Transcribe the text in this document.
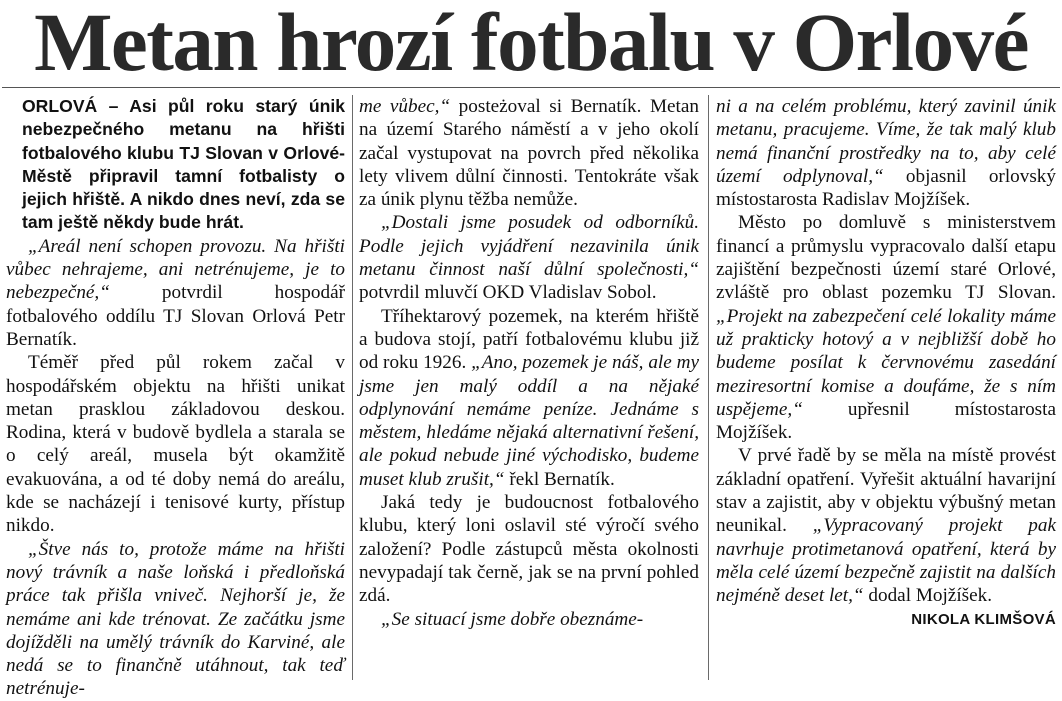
Metan hrozí fotbalu v Orlové

ORLOVÁ – Asi půl roku starý únik nebezpečného metanu na hřišti fotbalového klubu TJ Slovan v Orlové-Městě připravil tamní fotbalisty o jejich hřiště. A nikdo dnes neví, zda se tam ještě někdy bude hrát.

„Areál není schopen provozu. Na hřišti vůbec nehrajeme, ani netrénujeme, je to nebezpečné,“ potvrdil hospodář fotbalového oddílu TJ Slovan Orlová Petr Bernatík.

Téměř před půl rokem začal v hospodářském objektu na hřišti unikat metan prasklou základovou deskou. Rodina, která v budově bydlela a starala se o celý areál, musela být okamžitě evakuována, a od té doby nemá do areálu, kde se nacházejí i tenisové kurty, přístup nikdo.

„Štve nás to, protože máme na hřišti nový trávník a naše loňská i předloňská práce tak přišla vniveč. Nejhorší je, že nemáme ani kde trénovat. Ze začátku jsme dojížděli na umělý trávník do Karviné, ale nedá se to finančně utáhnout, tak teď netrénuje-

me vůbec,“ posteżoval si Bernatík. Metan na území Starého náměstí a v jeho okolí začal vystupovat na povrch před několika lety vlivem důlní činnosti. Tentokráte však za únik plynu těžba nemůže.

„Dostali jsme posudek od odborníků. Podle jejich vyjádření nezavinila únik metanu činnost naší důlní společnosti,“ potvrdil mluvčí OKD Vladislav Sobol.

Tříhektarový pozemek, na kterém hřiště a budova stojí, patří fotbalovému klubu již od roku 1926. „Ano, pozemek je náš, ale my jsme jen malý oddíl a na nějaké odplynování nemáme peníze. Jednáme s městem, hledáme nějaká alternativní řešení, ale pokud nebude jiné východisko, budeme muset klub zrušit,“ řekl Bernatík.

Jaká tedy je budoucnost fotbalového klubu, který loni oslavil sté výročí svého založení? Podle zástupců města okolnosti nevypadají tak černě, jak se na první pohled zdá.

„Se situací jsme dobře obeznáme-

ni a na celém problému, který zavinil únik metanu, pracujeme. Víme, že tak malý klub nemá finanční prostředky na to, aby celé území odplynoval,“ objasnil orlovský místostarosta Radislav Mojžíšek.

Město po domluvě s ministerstvem financí a průmyslu vypracovalo další etapu zajištění bezpečnosti území staré Orlové, zvláště pro oblast pozemku TJ Slovan. „Projekt na zabezpečení celé lokality máme už prakticky hotový a v nejbližší době ho budeme posílat k červnovému zasedání meziresortní komise a doufáme, že s ním uspějeme,“ upřesnil místostarosta Mojžíšek.

V prvé řadě by se měla na místě provést základní opatření. Vyřešit aktuální havarijní stav a zajistit, aby v objektu výbušný metan neunikal. „Vypracovaný projekt pak navrhuje protimetanová opatření, která by měla celé území bezpečně zajistit na dalších nejméně deset let,“ dodal Mojžíšek.
NIKOLA KLIMŠOVÁ
